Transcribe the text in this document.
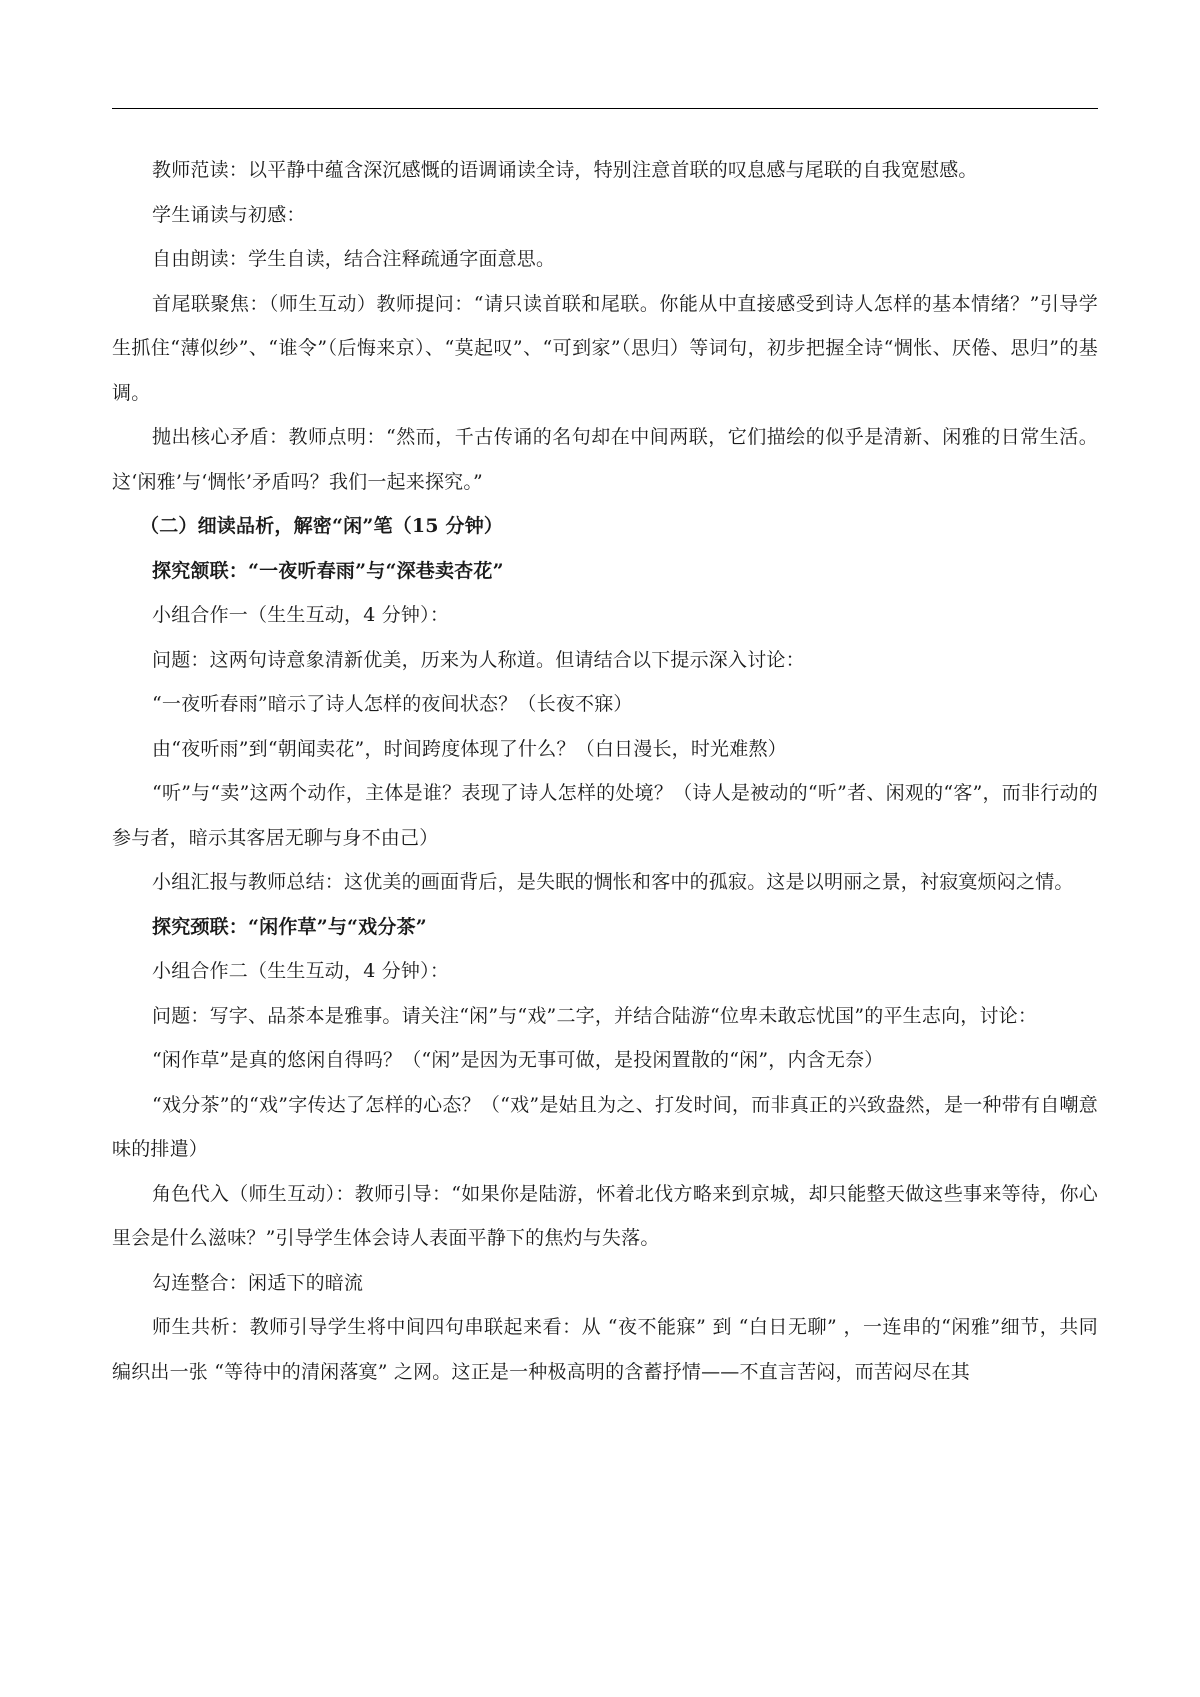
教师范读：以平静中蕴含深沉感慨的语调诵读全诗，特别注意首联的叹息感与尾联的自我宽慰感。

学生诵读与初感：

自由朗读：学生自读，结合注释疏通字面意思。

首尾联聚焦：（师生互动）教师提问：“请只读首联和尾联。你能从中直接感受到诗人怎样的基本情绪？”引导学生抓住“薄似纱”、“谁令”（后悔来京）、“莫起叹”、“可到家”（思归）等词句，初步把握全诗“惆怅、厌倦、思归”的基调。

抛出核心矛盾：教师点明：“然而，千古传诵的名句却在中间两联，它们描绘的似乎是清新、闲雅的日常生活。这‘闲雅’与‘惆怅’矛盾吗？我们一起来探究。”

（二）细读品析，解密“闲”笔（15 分钟）

探究颔联：“一夜听春雨”与“深巷卖杏花”

小组合作一（生生互动，4 分钟）：

问题：这两句诗意象清新优美，历来为人称道。但请结合以下提示深入讨论：

“一夜听春雨”暗示了诗人怎样的夜间状态？（长夜不寐）

由“夜听雨”到“朝闻卖花”，时间跨度体现了什么？（白日漫长，时光难熬）

“听”与“卖”这两个动作，主体是谁？表现了诗人怎样的处境？（诗人是被动的“听”者、闲观的“客”，而非行动的参与者，暗示其客居无聊与身不由己）

小组汇报与教师总结：这优美的画面背后，是失眠的惆怅和客中的孤寂。这是以明丽之景，衬寂寞烦闷之情。

探究颈联：“闲作草”与“戏分茶”

小组合作二（生生互动，4 分钟）：

问题：写字、品茶本是雅事。请关注“闲”与“戏”二字，并结合陆游“位卑未敢忘忧国”的平生志向，讨论：

“闲作草”是真的悠闲自得吗？（“闲”是因为无事可做，是投闲置散的“闲”，内含无奈）

“戏分茶”的“戏”字传达了怎样的心态？（“戏”是姑且为之、打发时间，而非真正的兴致盎然，是一种带有自嘲意味的排遣）

角色代入（师生互动）：教师引导：“如果你是陆游，怀着北伐方略来到京城，却只能整天做这些事来等待，你心里会是什么滋味？”引导学生体会诗人表面平静下的焦灼与失落。

勾连整合：闲适下的暗流

师生共析：教师引导学生将中间四句串联起来看：从 “夜不能寐” 到 “白日无聊” ，一连串的“闲雅”细节，共同编织出一张 “等待中的清闲落寞” 之网。这正是一种极高明的含蓄抒情——不直言苦闷，而苦闷尽在其
